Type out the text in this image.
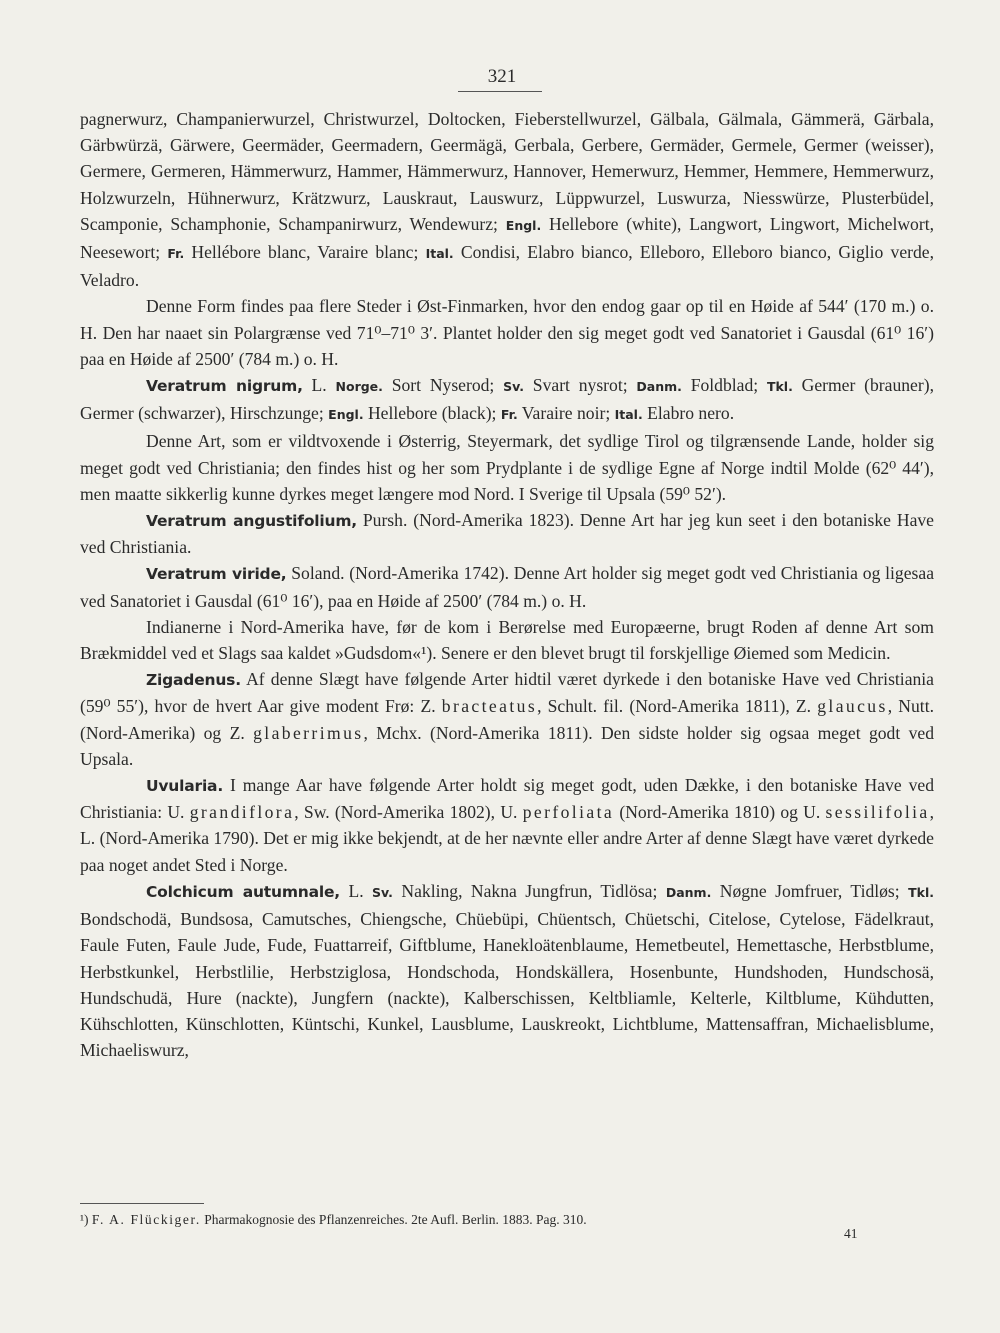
321

pagnerwurz, Champanierwurzel, Christwurzel, Doltocken, Fieberstellwurzel, Gälbala, Gälmala, Gämmerä, Gärbala, Gärbwürzä, Gärwere, Geermäder, Geermadern, Geermägä, Gerbala, Gerbere, Germäder, Germele, Germer (weisser), Germere, Germeren, Hämmerwurz, Hammer, Hämmerwurz, Hannover, Hemerwurz, Hemmer, Hemmere, Hemmerwurz, Holzwurzeln, Hühnerwurz, Krätzwurz, Lauskraut, Lauswurz, Lüppwurzel, Luswurza, Niesswürze, Plusterbüdel, Scamponie, Schamphonie, Schampanirwurz, Wendewurz; Engl. Hellebore (white), Langwort, Lingwort, Michelwort, Neesewort; Fr. Hellébore blanc, Varaire blanc; Ital. Condisi, Elabro bianco, Elleboro, Elleboro bianco, Giglio verde, Veladro.

Denne Form findes paa flere Steder i Øst-Finmarken, hvor den endog gaar op til en Høide af 544′ (170 m.) o. H. Den har naaet sin Polargrænse ved 71⁰–71⁰ 3′. Plantet holder den sig meget godt ved Sanatoriet i Gausdal (61⁰ 16′) paa en Høide af 2500′ (784 m.) o. H.

Veratrum nigrum, L. Norge. Sort Nyserod; Sv. Svart nysrot; Danm. Foldblad; Tkl. Germer (brauner), Germer (schwarzer), Hirschzunge; Engl. Hellebore (black); Fr. Varaire noir; Ital. Elabro nero.

Denne Art, som er vildtvoxende i Østerrig, Steyermark, det sydlige Tirol og tilgrænsende Lande, holder sig meget godt ved Christiania; den findes hist og her som Prydplante i de sydlige Egne af Norge indtil Molde (62⁰ 44′), men maatte sikkerlig kunne dyrkes meget længere mod Nord. I Sverige til Upsala (59⁰ 52′).

Veratrum angustifolium, Pursh. (Nord-Amerika 1823). Denne Art har jeg kun seet i den botaniske Have ved Christiania.

Veratrum viride, Soland. (Nord-Amerika 1742). Denne Art holder sig meget godt ved Christiania og ligesaa ved Sanatoriet i Gausdal (61⁰ 16′), paa en Høide af 2500′ (784 m.) o. H.

Indianerne i Nord-Amerika have, før de kom i Berørelse med Europæerne, brugt Roden af denne Art som Brækmiddel ved et Slags saa kaldet »Gudsdom«¹). Senere er den blevet brugt til forskjellige Øiemed som Medicin.

Zigadenus. Af denne Slægt have følgende Arter hidtil været dyrkede i den botaniske Have ved Christiania (59⁰ 55′), hvor de hvert Aar give modent Frø: Z. bracteatus, Schult. fil. (Nord-Amerika 1811), Z. glaucus, Nutt. (Nord-Amerika) og Z. glaberrimus, Mchx. (Nord-Amerika 1811). Den sidste holder sig ogsaa meget godt ved Upsala.

Uvularia. I mange Aar have følgende Arter holdt sig meget godt, uden Dække, i den botaniske Have ved Christiania: U. grandiflora, Sw. (Nord-Amerika 1802), U. perfoliata (Nord-Amerika 1810) og U. sessilifolia, L. (Nord-Amerika 1790). Det er mig ikke bekjendt, at de her nævnte eller andre Arter af denne Slægt have været dyrkede paa noget andet Sted i Norge.

Colchicum autumnale, L. Sv. Nakling, Nakna Jungfrun, Tidlösa; Danm. Nøgne Jomfruer, Tidløs; Tkl. Bondschodä, Bundsosa, Camutsches, Chiengsche, Chüebüpi, Chüentsch, Chüetschi, Citelose, Cytelose, Fädelkraut, Faule Futen, Faule Jude, Fude, Fuattarreif, Giftblume, Hanekloätenblaume, Hemetbeutel, Hemettasche, Herbstblume, Herbstkunkel, Herbstlilie, Herbstziglosa, Hondschoda, Hondskällera, Hosenbunte, Hundshoden, Hundschosä, Hundschudä, Hure (nackte), Jungfern (nackte), Kalberschissen, Keltbliamle, Kelterle, Kiltblume, Kühdutten, Kühschlotten, Künschlotten, Küntschi, Kunkel, Lausblume, Lauskreokt, Lichtblume, Mattensaffran, Michaelisblume, Michaeliswurz,

¹) F. A. Flückiger. Pharmakognosie des Pflanzenreiches. 2te Aufl. Berlin. 1883. Pag. 310.
41
